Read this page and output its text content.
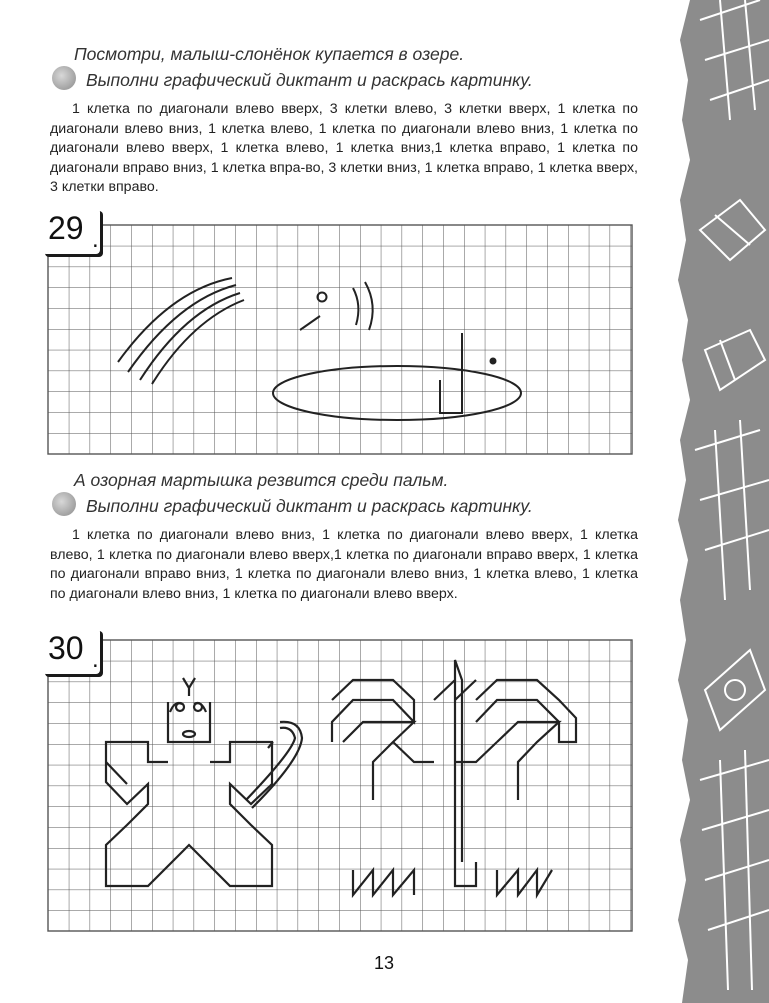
Посмотри, малыш-слонёнок купается в озере.
Выполни графический диктант и раскрась картинку.
1 клетка по диагонали влево вверх, 3 клетки влево, 3 клетки вверх, 1 клетка по диагонали влево вниз, 1 клетка влево, 1 клетка по диагонали влево вниз, 1 клетка по диагонали влево вверх, 1 клетка влево, 1 клетка вниз,1 клетка вправо, 1 клетка по диагонали вправо вниз, 1 клетка впра-во, 3 клетки вниз, 1 клетка вправо, 1 клетка вверх, 3 клетки вправо.
29 .
А озорная мартышка резвится среди пальм.
Выполни графический диктант и раскрась картинку.
1 клетка по диагонали влево вниз, 1 клетка по диагонали влево вверх, 1 клетка влево, 1 клетка по диагонали влево вверх,1 клетка по диагонали вправо вверх, 1 клетка по диагонали вправо вниз, 1 клетка по диагонали влево вниз, 1 клетка влево, 1 клетка по диагонали влево вниз, 1 клетка по диагонали влево вверх.
30 .
13
